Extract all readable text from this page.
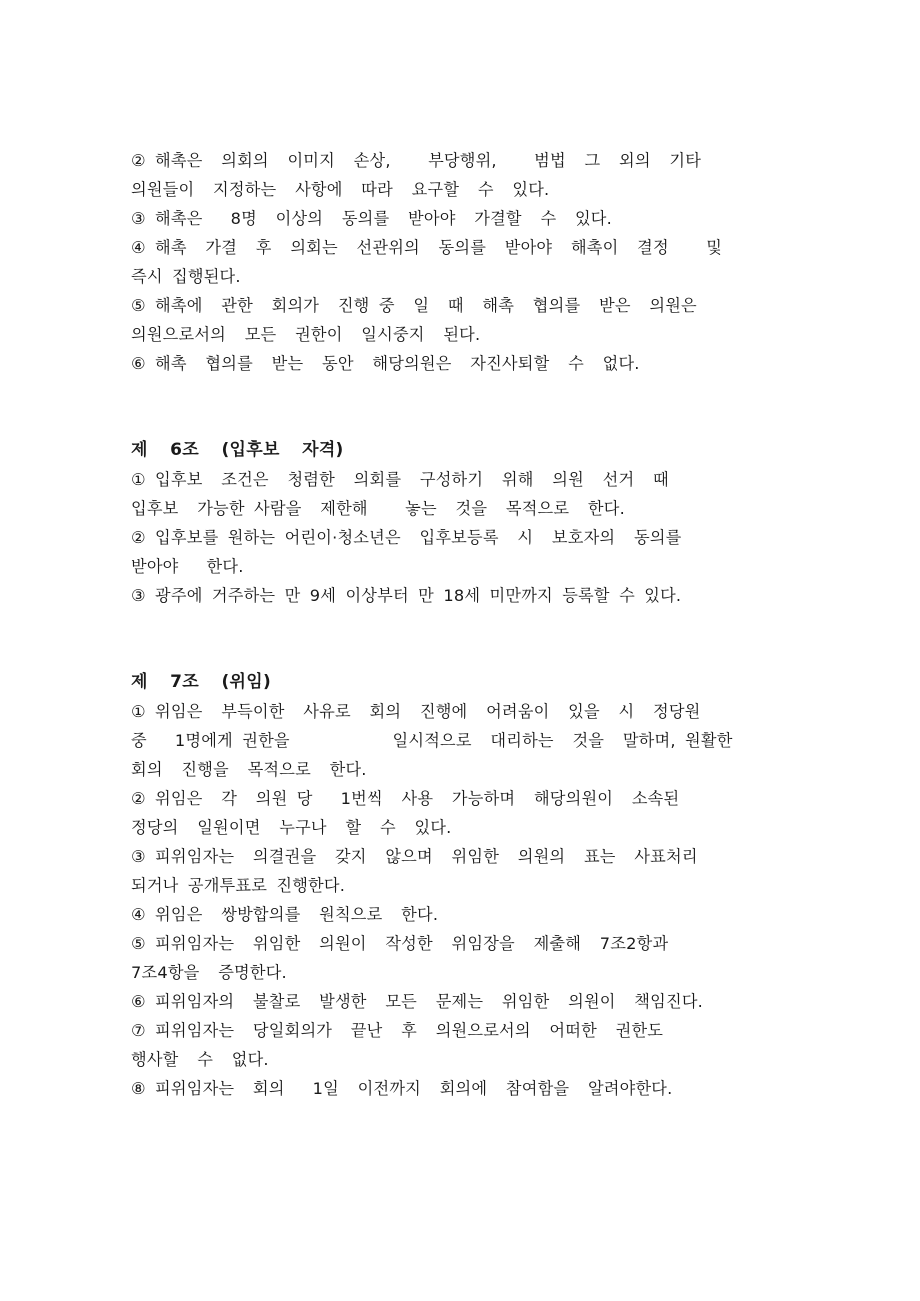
② 해촉은  의회의  이미지  손상,    부당행위,    범법  그  외의  기타
의원들이  지정하는  사항에  따라  요구할  수  있다.
③ 해촉은   8명  이상의  동의를  받아야  가결할  수  있다.
④ 해촉  가결  후  의회는  선관위의  동의를  받아야  해촉이  결정    및
즉시 집행된다.
⑤ 해촉에  관한  회의가  진행 중  일  때  해촉  협의를  받은  의원은
의원으로서의  모든  권한이  일시중지  된다.
⑥ 해촉  협의를  받는  동안  해당의원은  자진사퇴할  수  없다.
제  6조  (입후보  자격)
① 입후보  조건은  청렴한  의회를  구성하기  위해  의원  선거  때
입후보  가능한 사람을  제한해    놓는  것을  목적으로  한다.
② 입후보를 원하는 어린이·청소년은  입후보등록  시  보호자의  동의를
받아야   한다.
③ 광주에 거주하는 만 9세 이상부터 만 18세 미만까지 등록할 수 있다.
제  7조  (위임)
① 위임은  부득이한  사유로  회의  진행에  어려움이  있을  시  정당원
중   1명에게 권한을           일시적으로  대리하는  것을  말하며, 원활한
회의  진행을  목적으로  한다.
② 위임은  각  의원 당   1번씩  사용  가능하며  해당의원이  소속된
정당의  일원이면  누구나  할  수  있다.
③ 피위임자는  의결권을  갖지  않으며  위임한  의원의  표는  사표처리
되거나 공개투표로 진행한다.
④ 위임은  쌍방합의를  원칙으로  한다.
⑤ 피위임자는  위임한  의원이  작성한  위임장을  제출해  7조2항과
7조4항을  증명한다.
⑥ 피위임자의  불찰로  발생한  모든  문제는  위임한  의원이  책임진다.
⑦ 피위임자는  당일회의가  끝난  후  의원으로서의  어떠한  권한도
행사할  수  없다.
⑧ 피위임자는  회의   1일  이전까지  회의에  참여함을  알려야한다.
